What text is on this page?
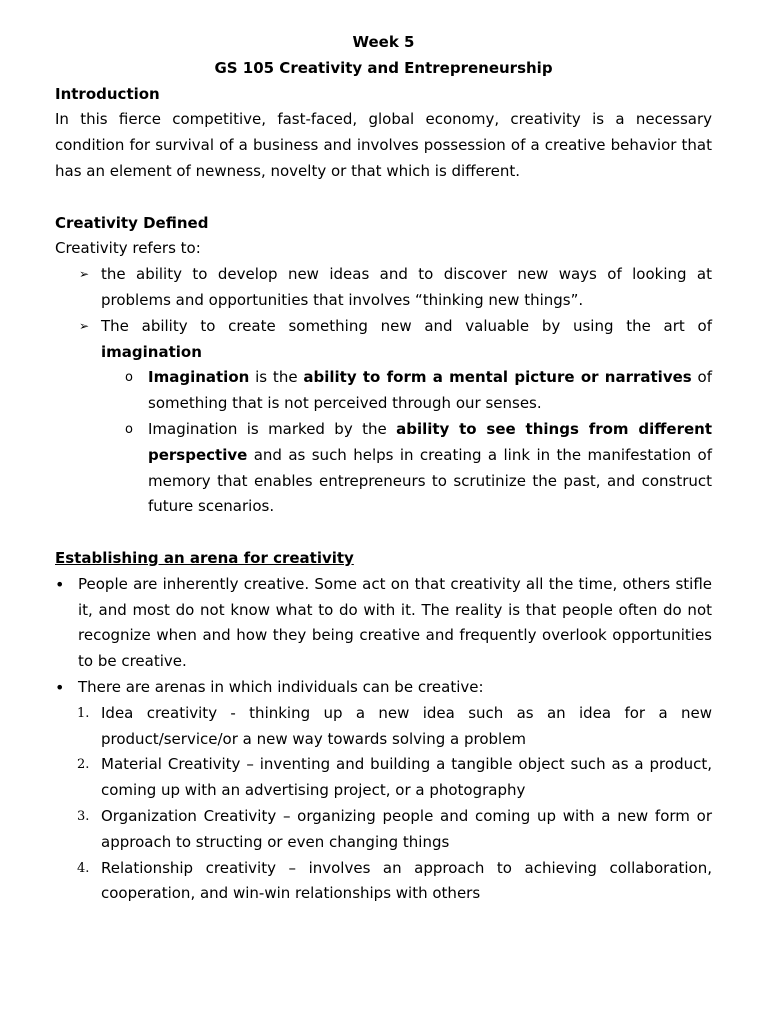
Week 5
GS 105 Creativity and Entrepreneurship
Introduction
In this fierce competitive, fast-faced, global economy, creativity is a necessary condition for survival of a business and involves possession of a creative behavior that has an element of newness, novelty or that which is different.
Creativity Defined
Creativity refers to:
➢ the ability to develop new ideas and to discover new ways of looking at problems and opportunities that involves “thinking new things”.
➢ The ability to create something new and valuable by using the art of imagination
o Imagination is the ability to form a mental picture or narratives of something that is not perceived through our senses.
o Imagination is marked by the ability to see things from different perspective and as such helps in creating a link in the manifestation of memory that enables entrepreneurs to scrutinize the past, and construct future scenarios.
Establishing an arena for creativity
• People are inherently creative. Some act on that creativity all the time, others stifle it, and most do not know what to do with it. The reality is that people often do not recognize when and how they being creative and frequently overlook opportunities to be creative.
• There are arenas in which individuals can be creative:
1. Idea creativity - thinking up a new idea such as an idea for a new product/service/or a new way towards solving a problem
2. Material Creativity – inventing and building a tangible object such as a product, coming up with an advertising project, or a photography
3. Organization Creativity – organizing people and coming up with a new form or approach to structing or even changing things
4. Relationship creativity – involves an approach to achieving collaboration, cooperation, and win-win relationships with others
